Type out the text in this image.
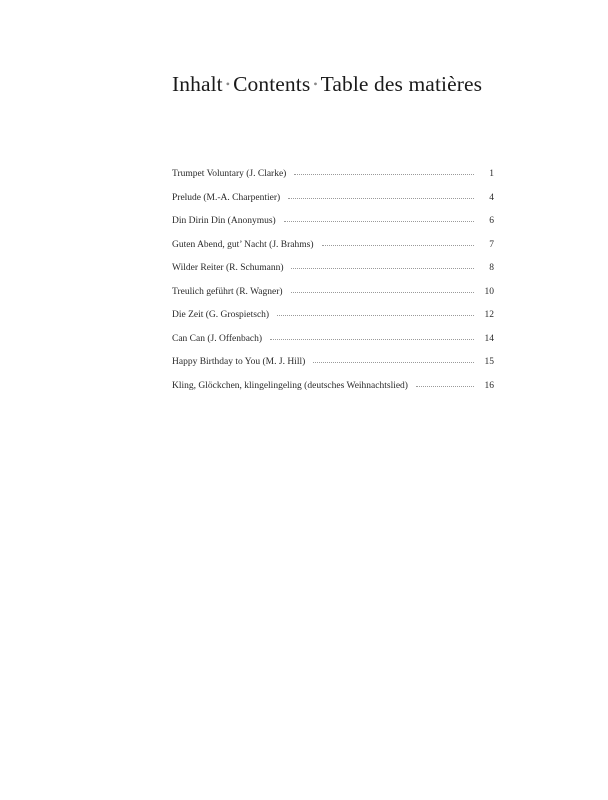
Inhalt • Contents • Table des matières
Trumpet Voluntary (J. Clarke)	1
Prelude (M.-A. Charpentier)	4
Din Dirin Din (Anonymus)	6
Guten Abend, gut’ Nacht (J. Brahms)	7
Wilder Reiter (R. Schumann)	8
Treulich geführt (R. Wagner)	10
Die Zeit (G. Grospietsch)	12
Can Can (J. Offenbach)	14
Happy Birthday to You (M. J. Hill)	15
Kling, Glöckchen, klingelingeling (deutsches Weihnachtslied)	16
